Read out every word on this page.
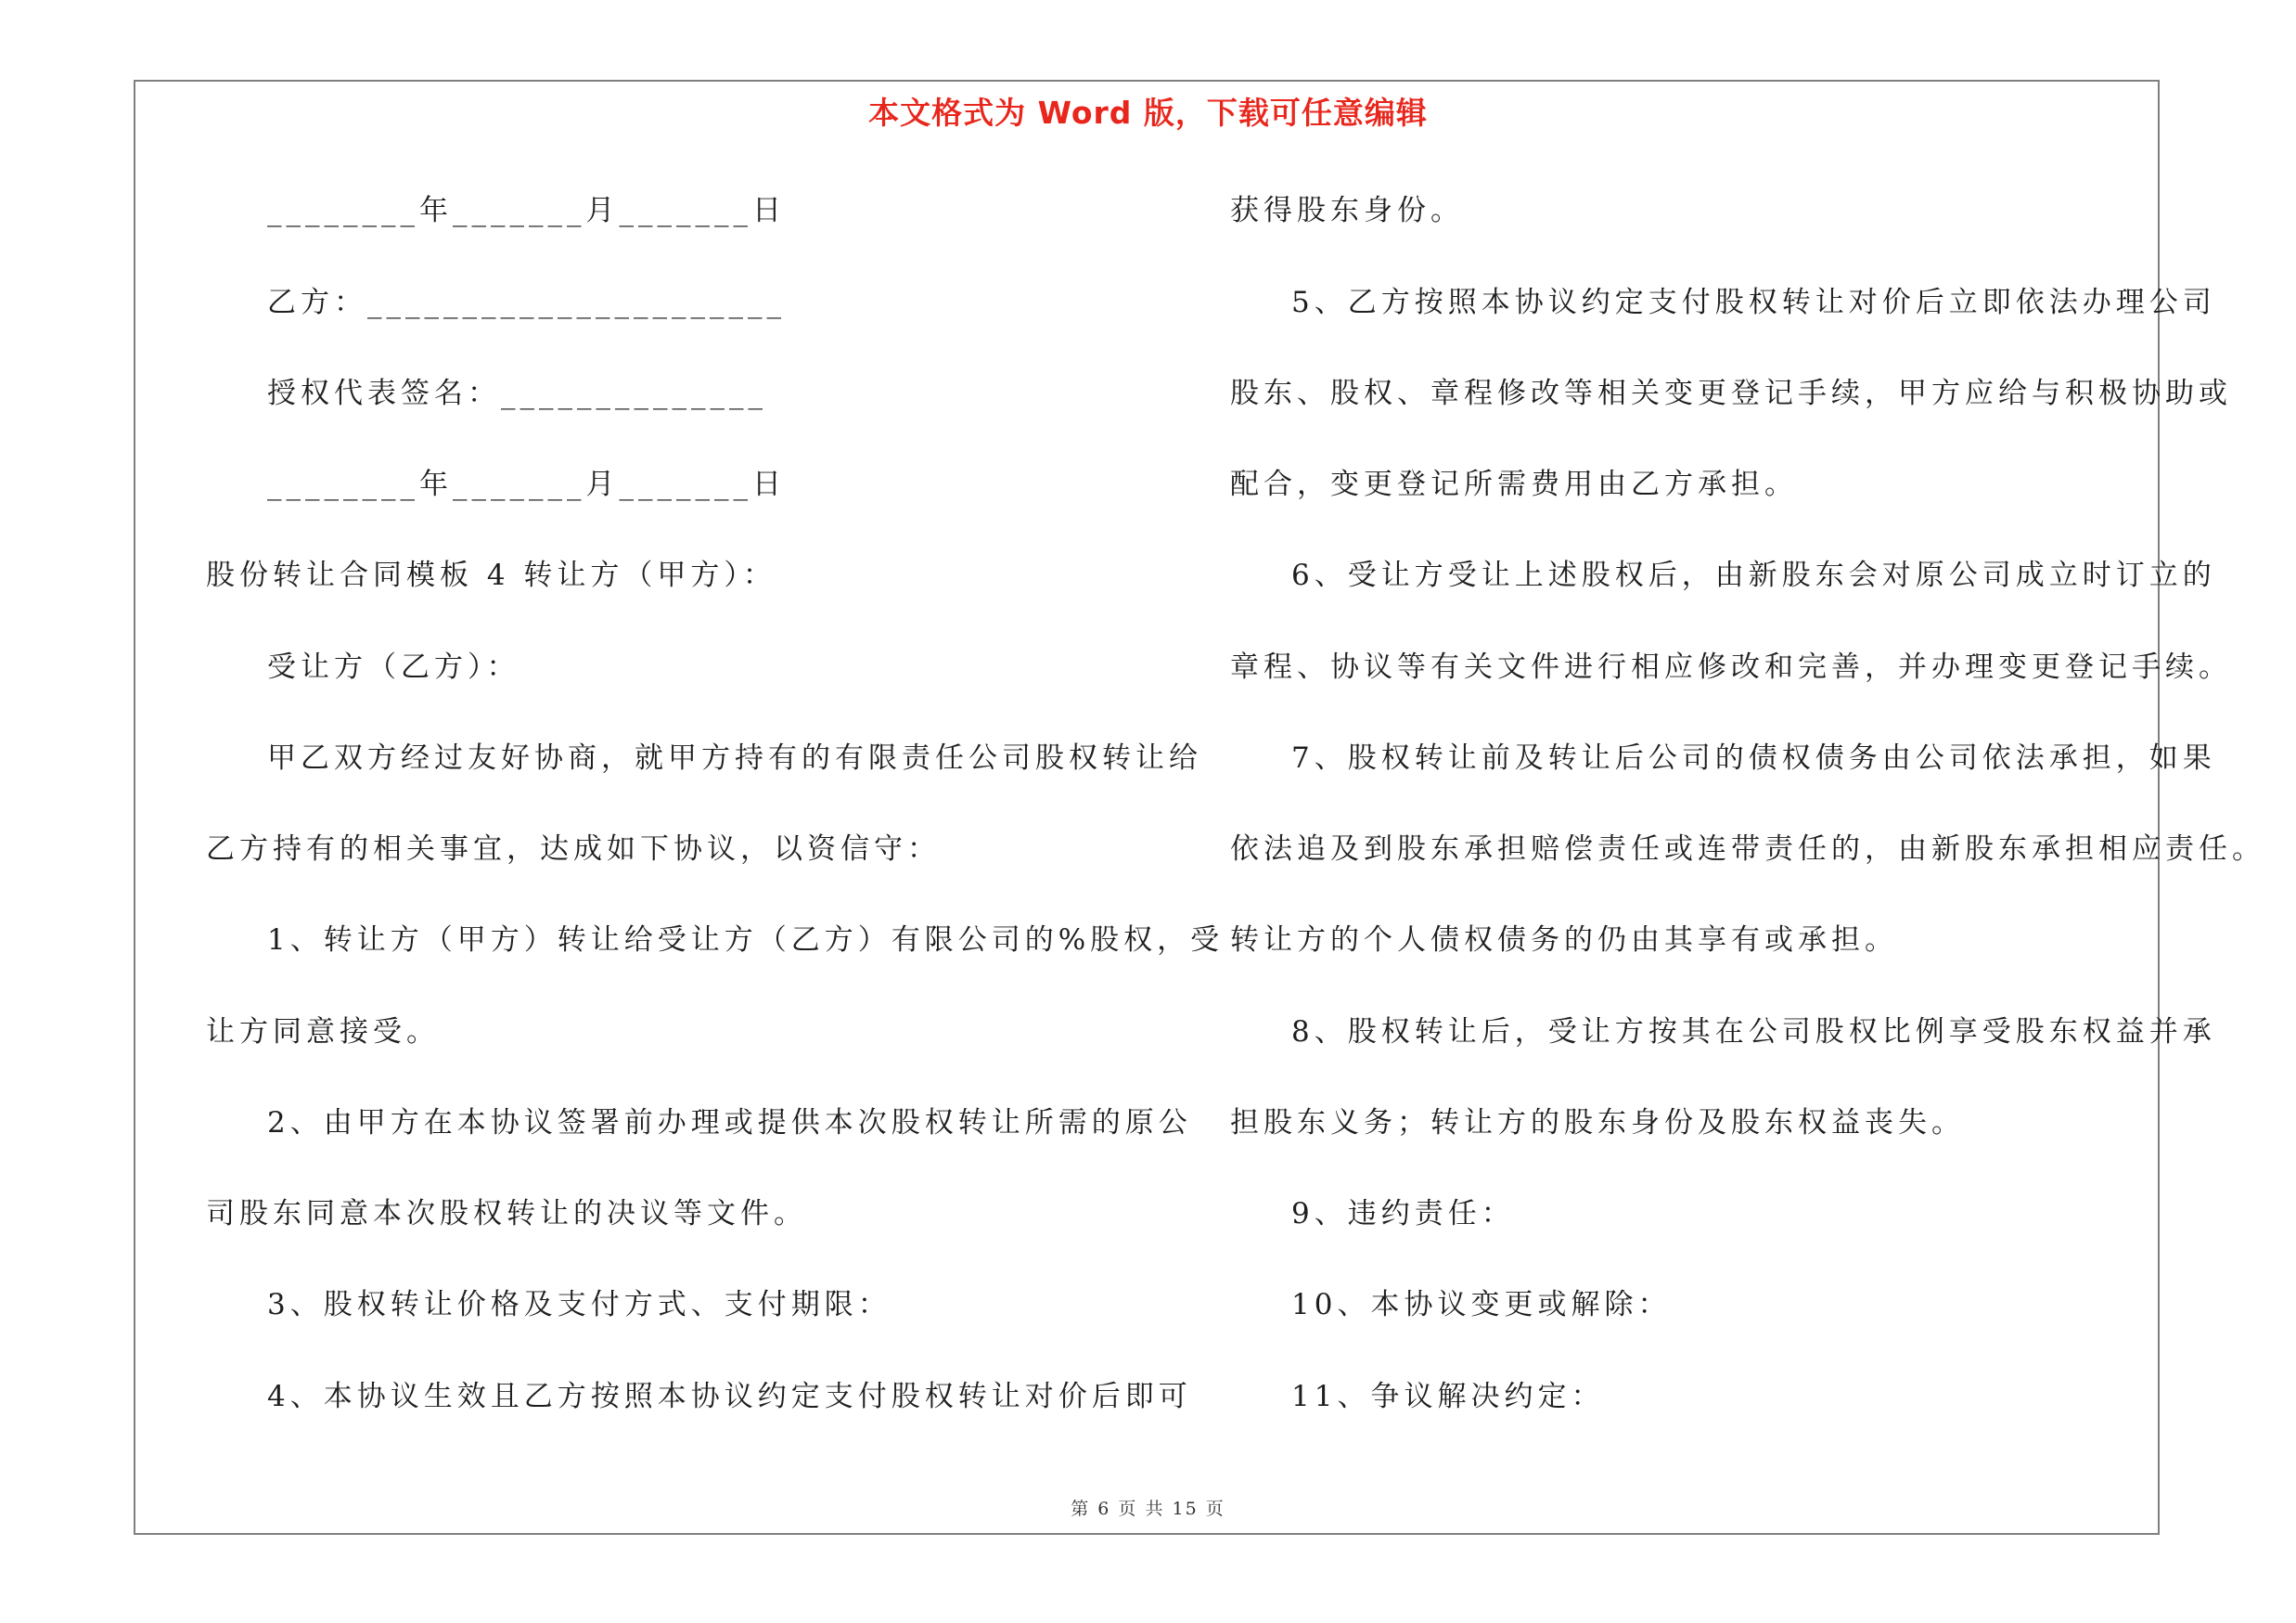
本文格式为 Word 版，下载可任意编辑
________年_______月_______日
乙方：______________________
授权代表签名：______________
________年_______月_______日
股份转让合同模板 4 转让方（甲方）：
受让方（乙方）：
甲乙双方经过友好协商，就甲方持有的有限责任公司股权转让给
乙方持有的相关事宜，达成如下协议，以资信守：
1、转让方（甲方）转让给受让方（乙方）有限公司的%股权，受
让方同意接受。
2、由甲方在本协议签署前办理或提供本次股权转让所需的原公
司股东同意本次股权转让的决议等文件。
3、股权转让价格及支付方式、支付期限：
4、本协议生效且乙方按照本协议约定支付股权转让对价后即可
获得股东身份。
5、乙方按照本协议约定支付股权转让对价后立即依法办理公司
股东、股权、章程修改等相关变更登记手续，甲方应给与积极协助或
配合，变更登记所需费用由乙方承担。
6、受让方受让上述股权后，由新股东会对原公司成立时订立的
章程、协议等有关文件进行相应修改和完善，并办理变更登记手续。
7、股权转让前及转让后公司的债权债务由公司依法承担，如果
依法追及到股东承担赔偿责任或连带责任的，由新股东承担相应责任。
转让方的个人债权债务的仍由其享有或承担。
8、股权转让后，受让方按其在公司股权比例享受股东权益并承
担股东义务；转让方的股东身份及股东权益丧失。
9、违约责任：
10、本协议变更或解除：
11、争议解决约定：
第 6 页 共 15 页
